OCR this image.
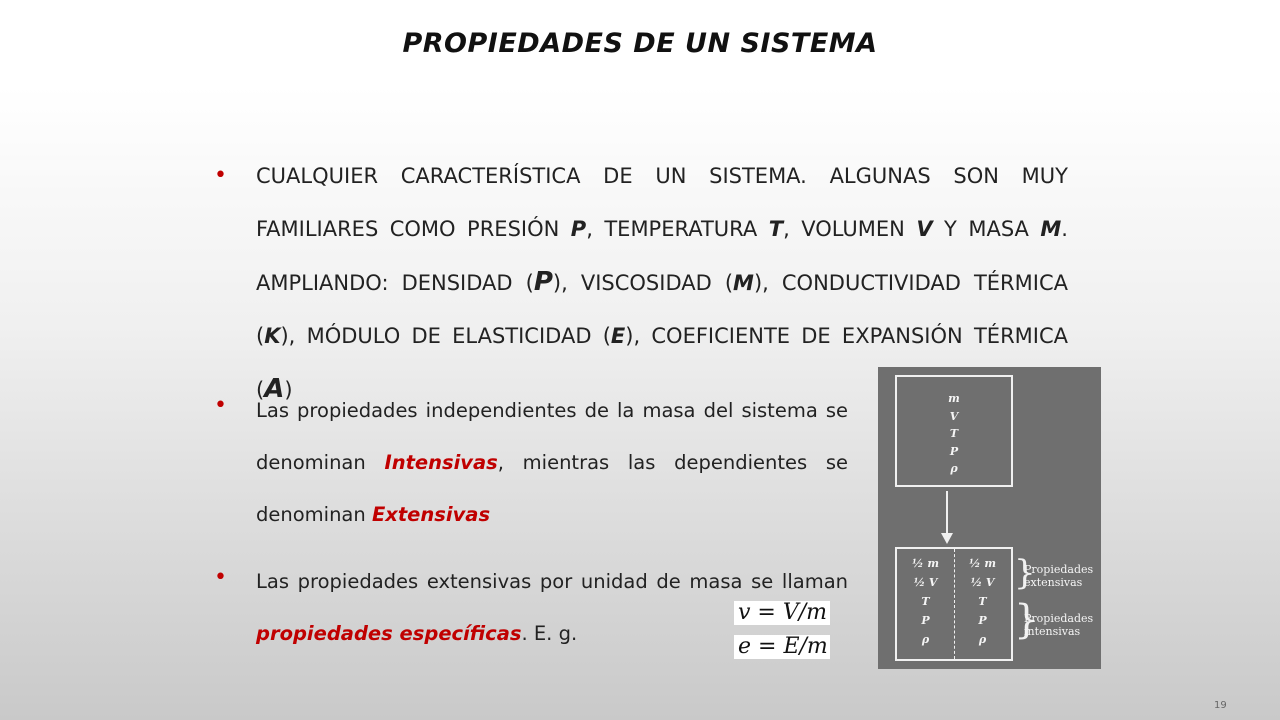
PROPIEDADES DE UN SISTEMA
• CUALQUIER CARACTERÍSTICA DE UN SISTEMA. ALGUNAS SON MUY FAMILIARES COMO PRESIÓN P, TEMPERATURA T, VOLUMEN V Y MASA M. AMPLIANDO: DENSIDAD (P), VISCOSIDAD (Μ), CONDUCTIVIDAD TÉRMICA (K), MÓDULO DE ELASTICIDAD (E), COEFICIENTE DE EXPANSIÓN TÉRMICA (A)
• Las propiedades independientes de la masa del sistema se denominan Intensivas, mientras las dependientes se denominan Extensivas
• Las propiedades extensivas por unidad de masa se llaman propiedades específicas. E. g.
v = V/m
e = E/m
m
V
T
P
ρ
½ m
½ V
T
P
ρ
½ m
½ V
T
P
ρ
}
Propiedades extensivas
}
Propiedades intensivas
19
